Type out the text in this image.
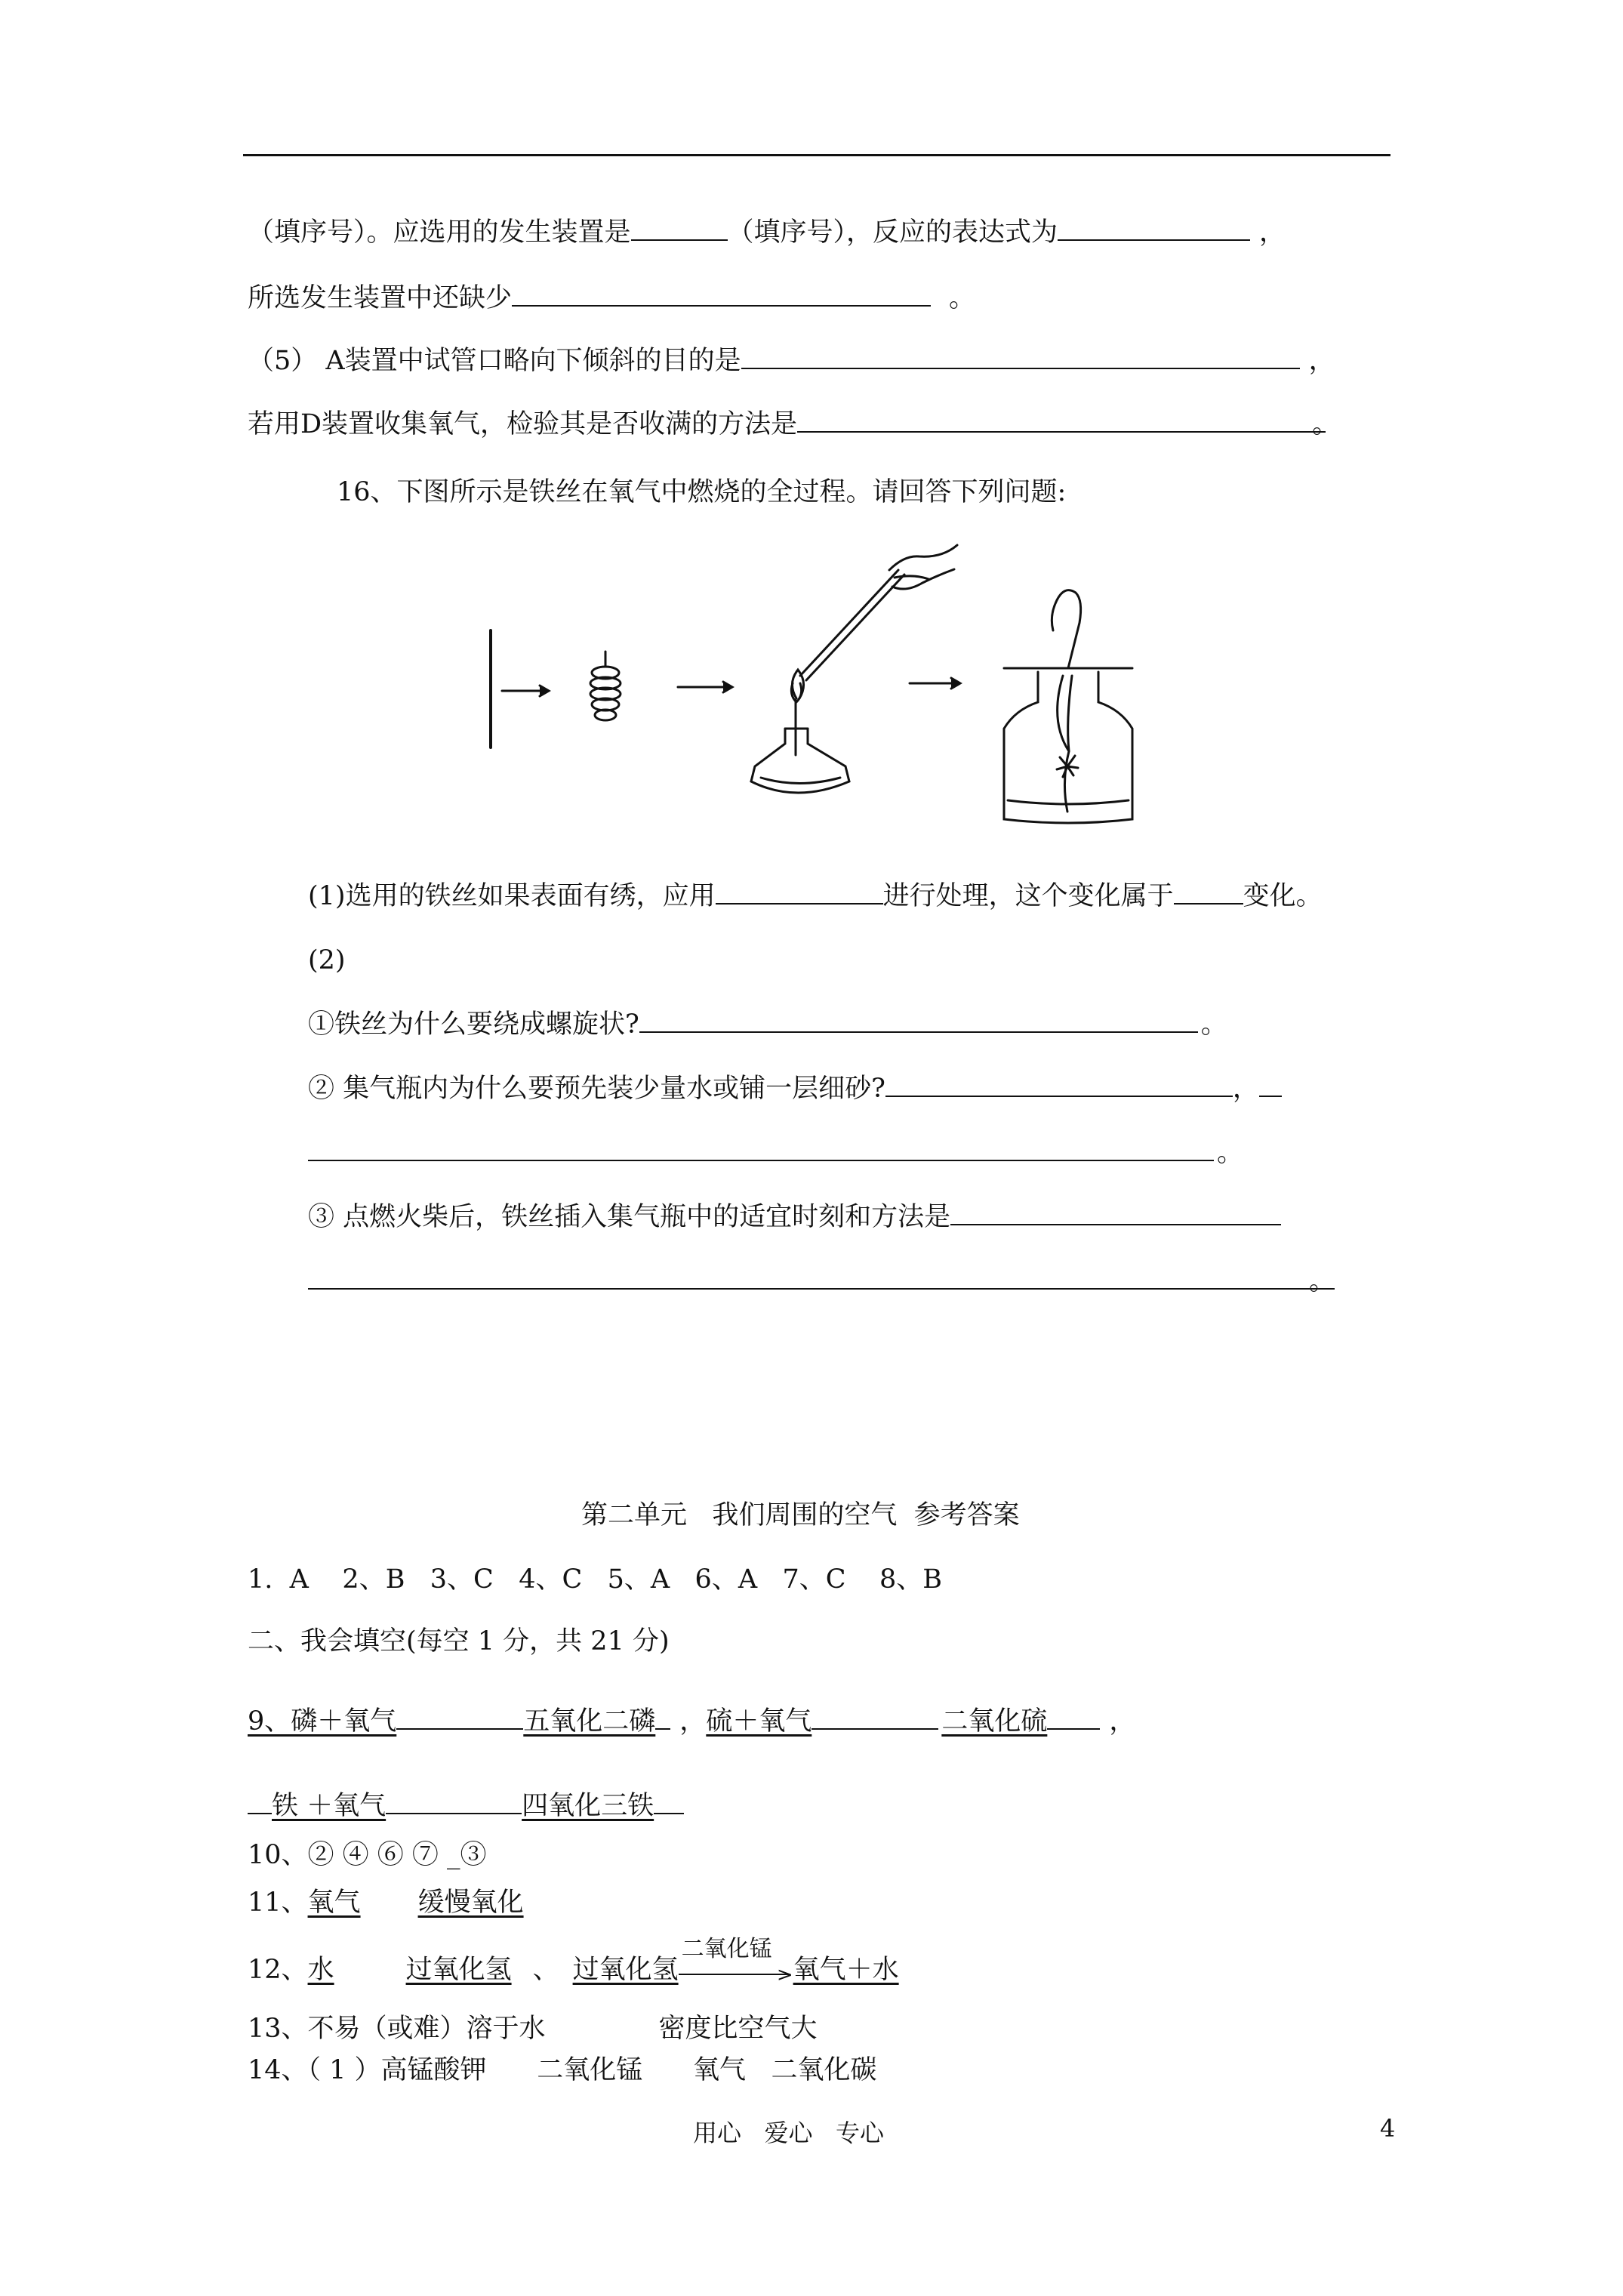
（填序号）。应选用的发生装置是	（填序号），反应的表达式为	，
所选发生装置中还缺少	。
（5） A装置中试管口略向下倾斜的目的是	，
若用D装置收集氧气，检验其是否收满的方法是	。
16、下图所示是铁丝在氧气中燃烧的全过程。请回答下列问题:
(1)选用的铁丝如果表面有绣，应用	进行处理，这个变化属于	变化。
(2)
①铁丝为什么要绕成螺旋状?	。
② 集气瓶内为什么要预先装少量水或铺一层细砂?	，
。
③ 点燃火柴后，铁丝插入集气瓶中的适宜时刻和方法是
。
第二单元   我们周围的空气  参考答案
1.  A    2、B   3、C   4、C   5、A   6、A   7、C    8、B
二、我会填空(每空 1 分，共 21 分)
9、磷＋氧气	五氧化二磷 ，硫＋氧气	二氧化硫 ，
铁 ＋氧气	四氧化三铁
10、② ④ ⑥ ⑦ _③
11、氧气 缓慢氧化
12、水	过氧化氢 、 过氧化氢
二氧化锰
> 氧气＋水
13、不易（或难）溶于水	密度比空气大
14、（ 1 ）高锰酸钾      二氧化锰      氧气   二氧化碳
用心   爱心   专心	4
